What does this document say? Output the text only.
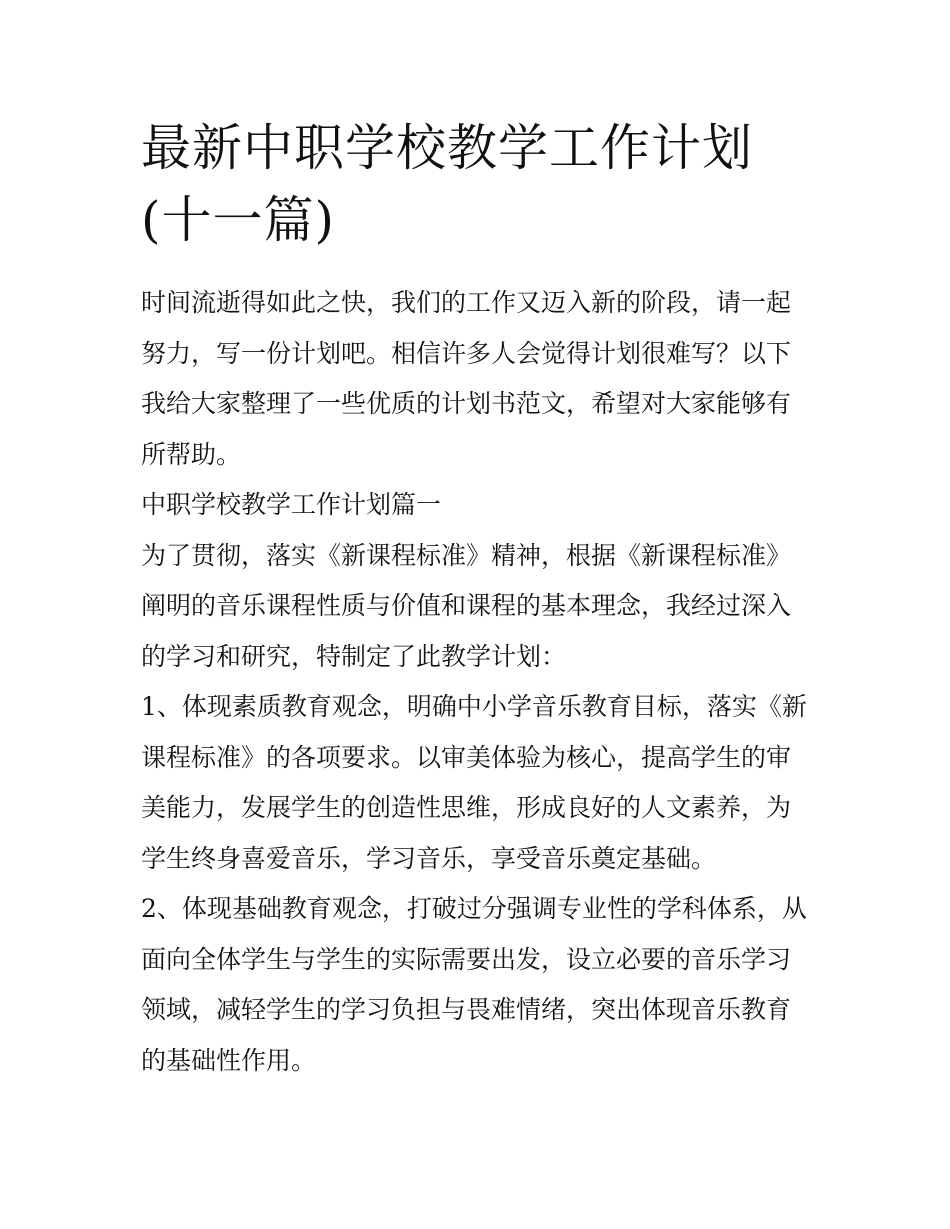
最新中职学校教学工作计划(十一篇)

时间流逝得如此之快，我们的工作又迈入新的阶段，请一起努力，写一份计划吧。相信许多人会觉得计划很难写？以下我给大家整理了一些优质的计划书范文，希望对大家能够有所帮助。

中职学校教学工作计划篇一

为了贯彻，落实《新课程标准》精神，根据《新课程标准》阐明的音乐课程性质与价值和课程的基本理念，我经过深入的学习和研究，特制定了此教学计划：

1、体现素质教育观念，明确中小学音乐教育目标，落实《新课程标准》的各项要求。以审美体验为核心，提高学生的审美能力，发展学生的创造性思维，形成良好的人文素养，为学生终身喜爱音乐，学习音乐，享受音乐奠定基础。

2、体现基础教育观念，打破过分强调专业性的学科体系，从面向全体学生与学生的实际需要出发，设立必要的音乐学习领域，减轻学生的学习负担与畏难情绪，突出体现音乐教育的基础性作用。
